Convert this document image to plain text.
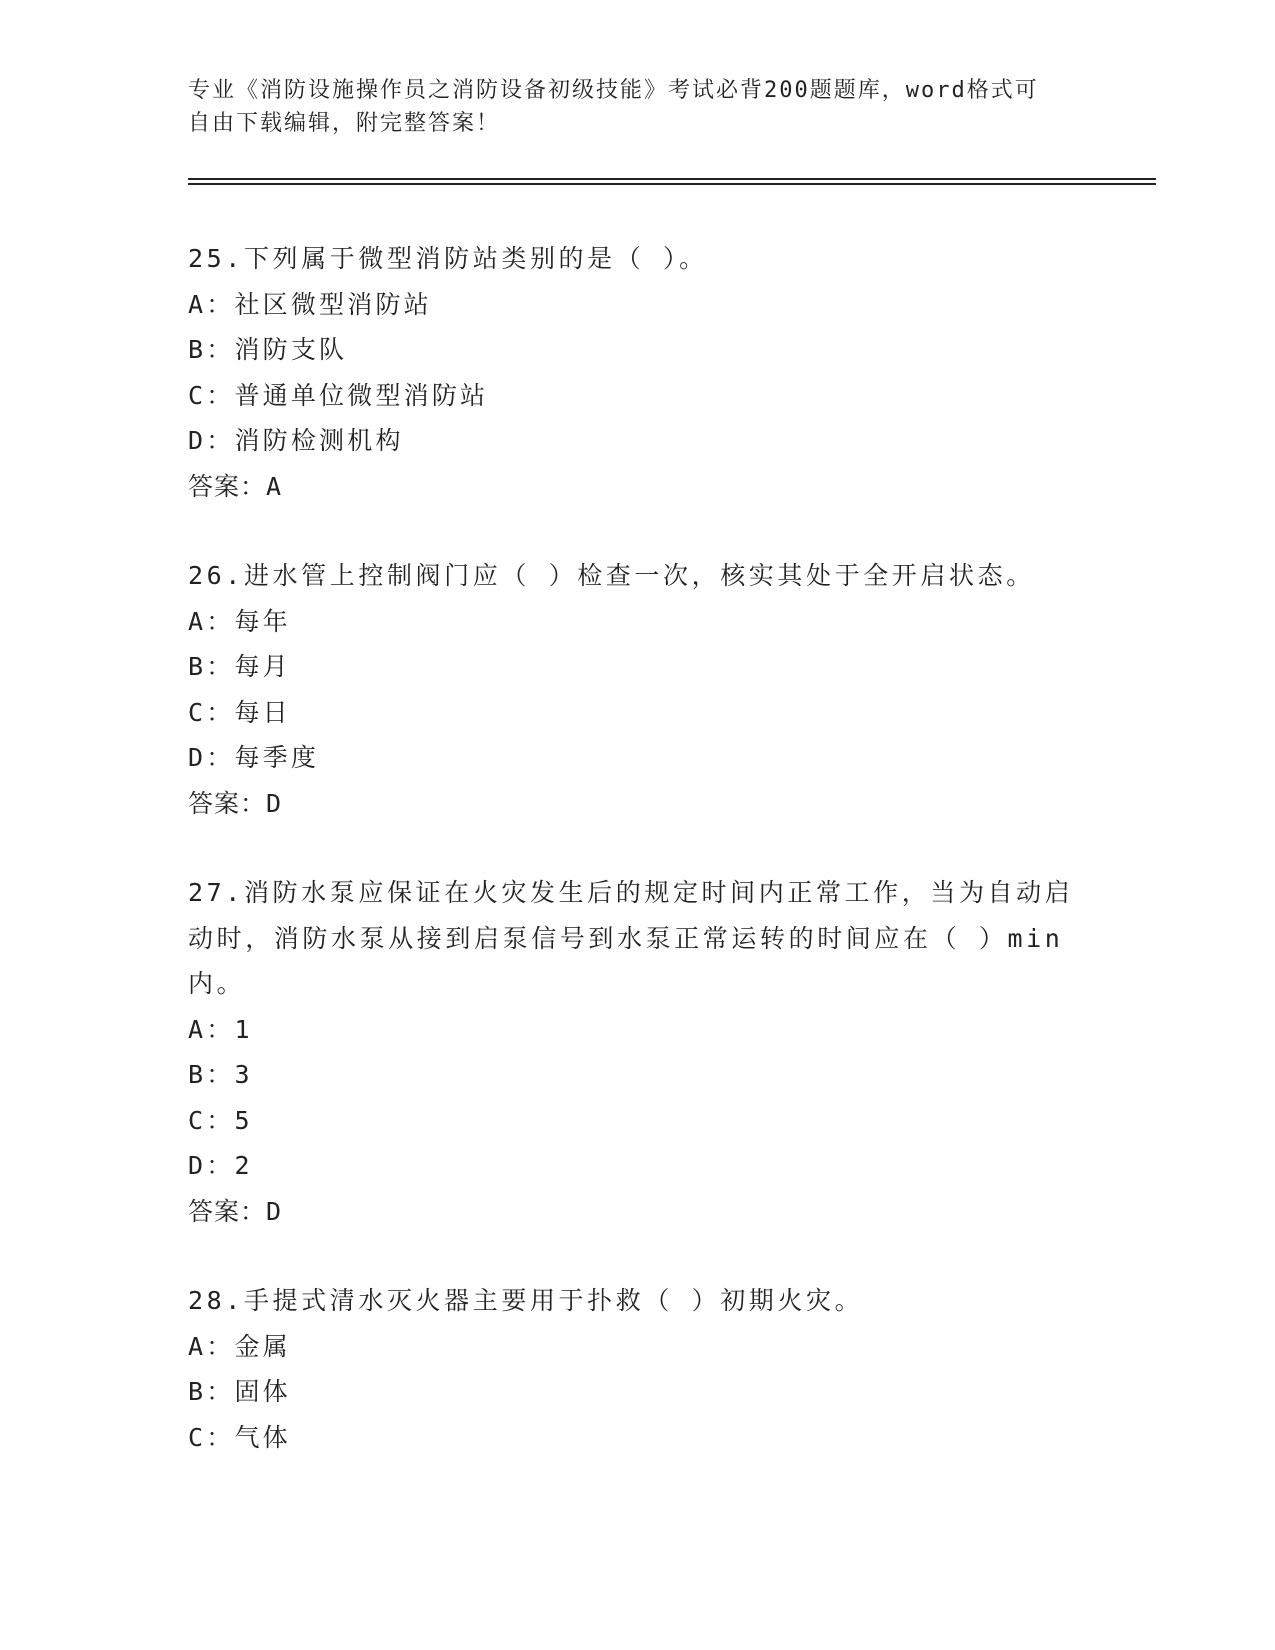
专业《消防设施操作员之消防设备初级技能》考试必背200题题库，word格式可
自由下载编辑，附完整答案！

25.下列属于微型消防站类别的是（ ）。

A：社区微型消防站

B：消防支队

C：普通单位微型消防站

D：消防检测机构

答案：A

26.进水管上控制阀门应（ ）检查一次，核实其处于全开启状态。

A：每年

B：每月

C：每日

D：每季度

答案：D

27.消防水泵应保证在火灾发生后的规定时间内正常工作，当为自动启

动时，消防水泵从接到启泵信号到水泵正常运转的时间应在（ ）min

内。

A：1

B：3

C：5

D：2

答案：D

28.手提式清水灭火器主要用于扑救（ ）初期火灾。

A：金属

B：固体

C：气体
